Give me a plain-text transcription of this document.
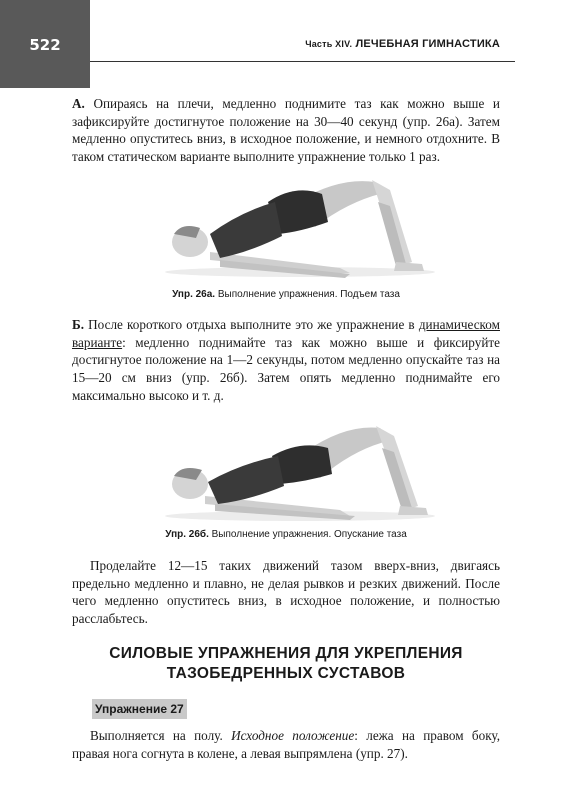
522	Часть XIV. ЛЕЧЕБНАЯ ГИМНАСТИКА

А. Опираясь на плечи, медленно поднимите таз как можно выше и зафиксируйте достигнутое положение на 30—40 секунд (упр. 26а). Затем медленно опуститесь вниз, в исходное положение, и немного отдохните. В таком статическом варианте выполните упражнение только 1 раз.

Упр. 26а. Выполнение упражнения. Подъем таза

Б. После короткого отдыха выполните это же упражнение в динамическом варианте: медленно поднимайте таз как можно выше и фиксируйте достигнутое положение на 1—2 секунды, потом медленно опускайте таз на 15—20 см вниз (упр. 26б). Затем опять медленно поднимайте его максимально высоко и т. д.

Упр. 26б. Выполнение упражнения. Опускание таза

Проделайте 12—15 таких движений тазом вверх-вниз, двигаясь предельно медленно и плавно, не делая рывков и резких движений. После чего медленно опуститесь вниз, в исходное положение, и полностью расслабьтесь.

СИЛОВЫЕ УПРАЖНЕНИЯ ДЛЯ УКРЕПЛЕНИЯ
ТАЗОБЕДРЕННЫХ СУСТАВОВ
Упражнение 27

Выполняется на полу. Исходное положение: лежа на правом боку, правая нога согнута в колене, а левая выпрямлена (упр. 27).
